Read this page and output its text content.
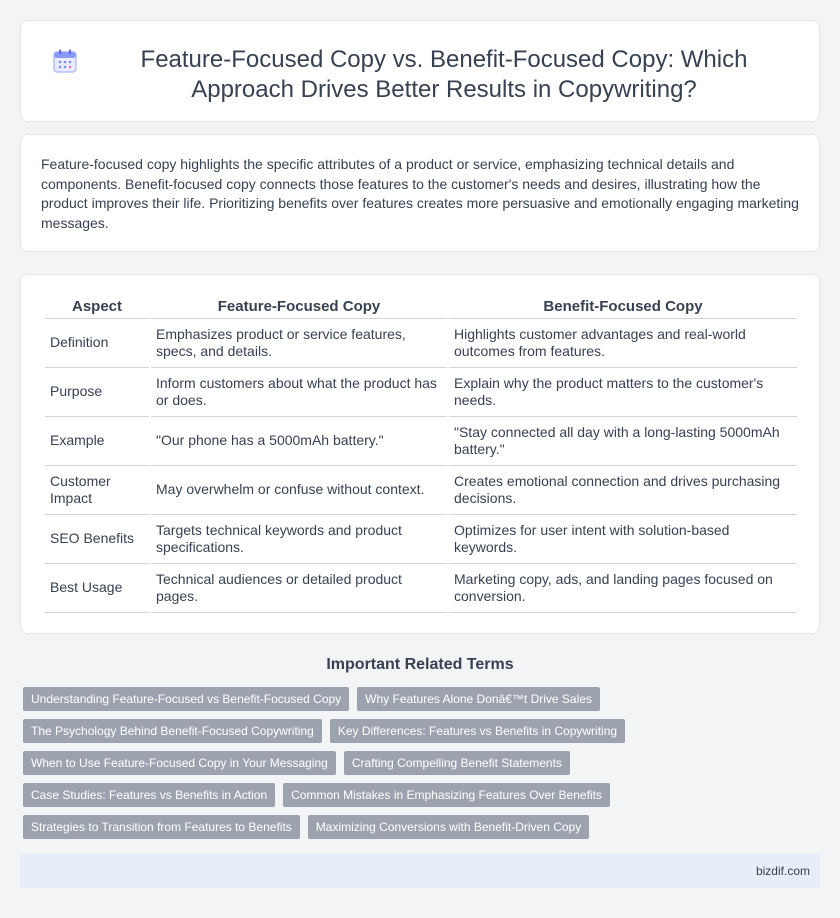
Feature-Focused Copy vs. Benefit-Focused Copy: Which Approach Drives Better Results in Copywriting?

Feature-focused copy highlights the specific attributes of a product or service, emphasizing technical details and components. Benefit-focused copy connects those features to the customer's needs and desires, illustrating how the product improves their life. Prioritizing benefits over features creates more persuasive and emotionally engaging marketing messages.

Aspect	Feature-Focused Copy	Benefit-Focused Copy
Definition	Emphasizes product or service features, specs, and details.	Highlights customer advantages and real-world outcomes from features.
Purpose	Inform customers about what the product has or does.	Explain why the product matters to the customer's needs.
Example	"Our phone has a 5000mAh battery."	"Stay connected all day with a long-lasting 5000mAh battery."
Customer Impact	May overwhelm or confuse without context.	Creates emotional connection and drives purchasing decisions.
SEO Benefits	Targets technical keywords and product specifications.	Optimizes for user intent with solution-based keywords.
Best Usage	Technical audiences or detailed product pages.	Marketing copy, ads, and landing pages focused on conversion.
Important Related Terms
Understanding Feature-Focused vs Benefit-Focused Copy	Why Features Alone Donâ€™t Drive Sales
The Psychology Behind Benefit-Focused Copywriting	Key Differences: Features vs Benefits in Copywriting
When to Use Feature-Focused Copy in Your Messaging	Crafting Compelling Benefit Statements
Case Studies: Features vs Benefits in Action	Common Mistakes in Emphasizing Features Over Benefits
Strategies to Transition from Features to Benefits	Maximizing Conversions with Benefit-Driven Copy
bizdif.com
